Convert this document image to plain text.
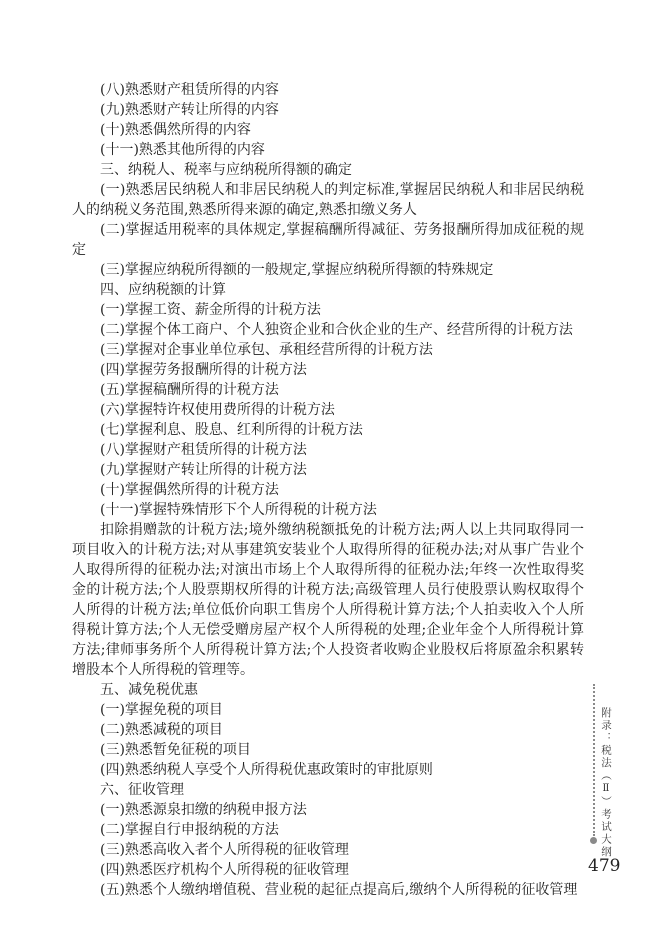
(八)熟悉财产租赁所得的内容

(九)熟悉财产转让所得的内容

(十)熟悉偶然所得的内容

(十一)熟悉其他所得的内容

三、纳税人、税率与应纳税所得额的确定

(一)熟悉居民纳税人和非居民纳税人的判定标准,掌握居民纳税人和非居民纳税人的纳税义务范围,熟悉所得来源的确定,熟悉扣缴义务人

(二)掌握适用税率的具体规定,掌握稿酬所得减征、劳务报酬所得加成征税的规定

(三)掌握应纳税所得额的一般规定,掌握应纳税所得额的特殊规定

四、应纳税额的计算

(一)掌握工资、薪金所得的计税方法

(二)掌握个体工商户、个人独资企业和合伙企业的生产、经营所得的计税方法

(三)掌握对企事业单位承包、承租经营所得的计税方法

(四)掌握劳务报酬所得的计税方法

(五)掌握稿酬所得的计税方法

(六)掌握特许权使用费所得的计税方法

(七)掌握利息、股息、红利所得的计税方法

(八)掌握财产租赁所得的计税方法

(九)掌握财产转让所得的计税方法

(十)掌握偶然所得的计税方法

(十一)掌握特殊情形下个人所得税的计税方法

扣除捐赠款的计税方法;境外缴纳税额抵免的计税方法;两人以上共同取得同一项目收入的计税方法;对从事建筑安装业个人取得所得的征税办法;对从事广告业个人取得所得的征税办法;对演出市场上个人取得所得的征税办法;年终一次性取得奖金的计税方法;个人股票期权所得的计税方法;高级管理人员行使股票认购权取得个人所得的计税方法;单位低价向职工售房个人所得税计算方法;个人拍卖收入个人所得税计算方法;个人无偿受赠房屋产权个人所得税的处理;企业年金个人所得税计算方法;律师事务所个人所得税计算方法;个人投资者收购企业股权后将原盈余积累转增股本个人所得税的管理等。

五、减免税优惠

(一)掌握免税的项目

(二)熟悉减税的项目

(三)熟悉暂免征税的项目

(四)熟悉纳税人享受个人所得税优惠政策时的审批原则

六、征收管理

(一)熟悉源泉扣缴的纳税申报方法

(二)掌握自行申报纳税的方法

(三)熟悉高收入者个人所得税的征收管理

(四)熟悉医疗机构个人所得税的征收管理

(五)熟悉个人缴纳增值税、营业税的起征点提高后,缴纳个人所得税的征收管理

附录：税法（Ⅱ）考试大纲
479
